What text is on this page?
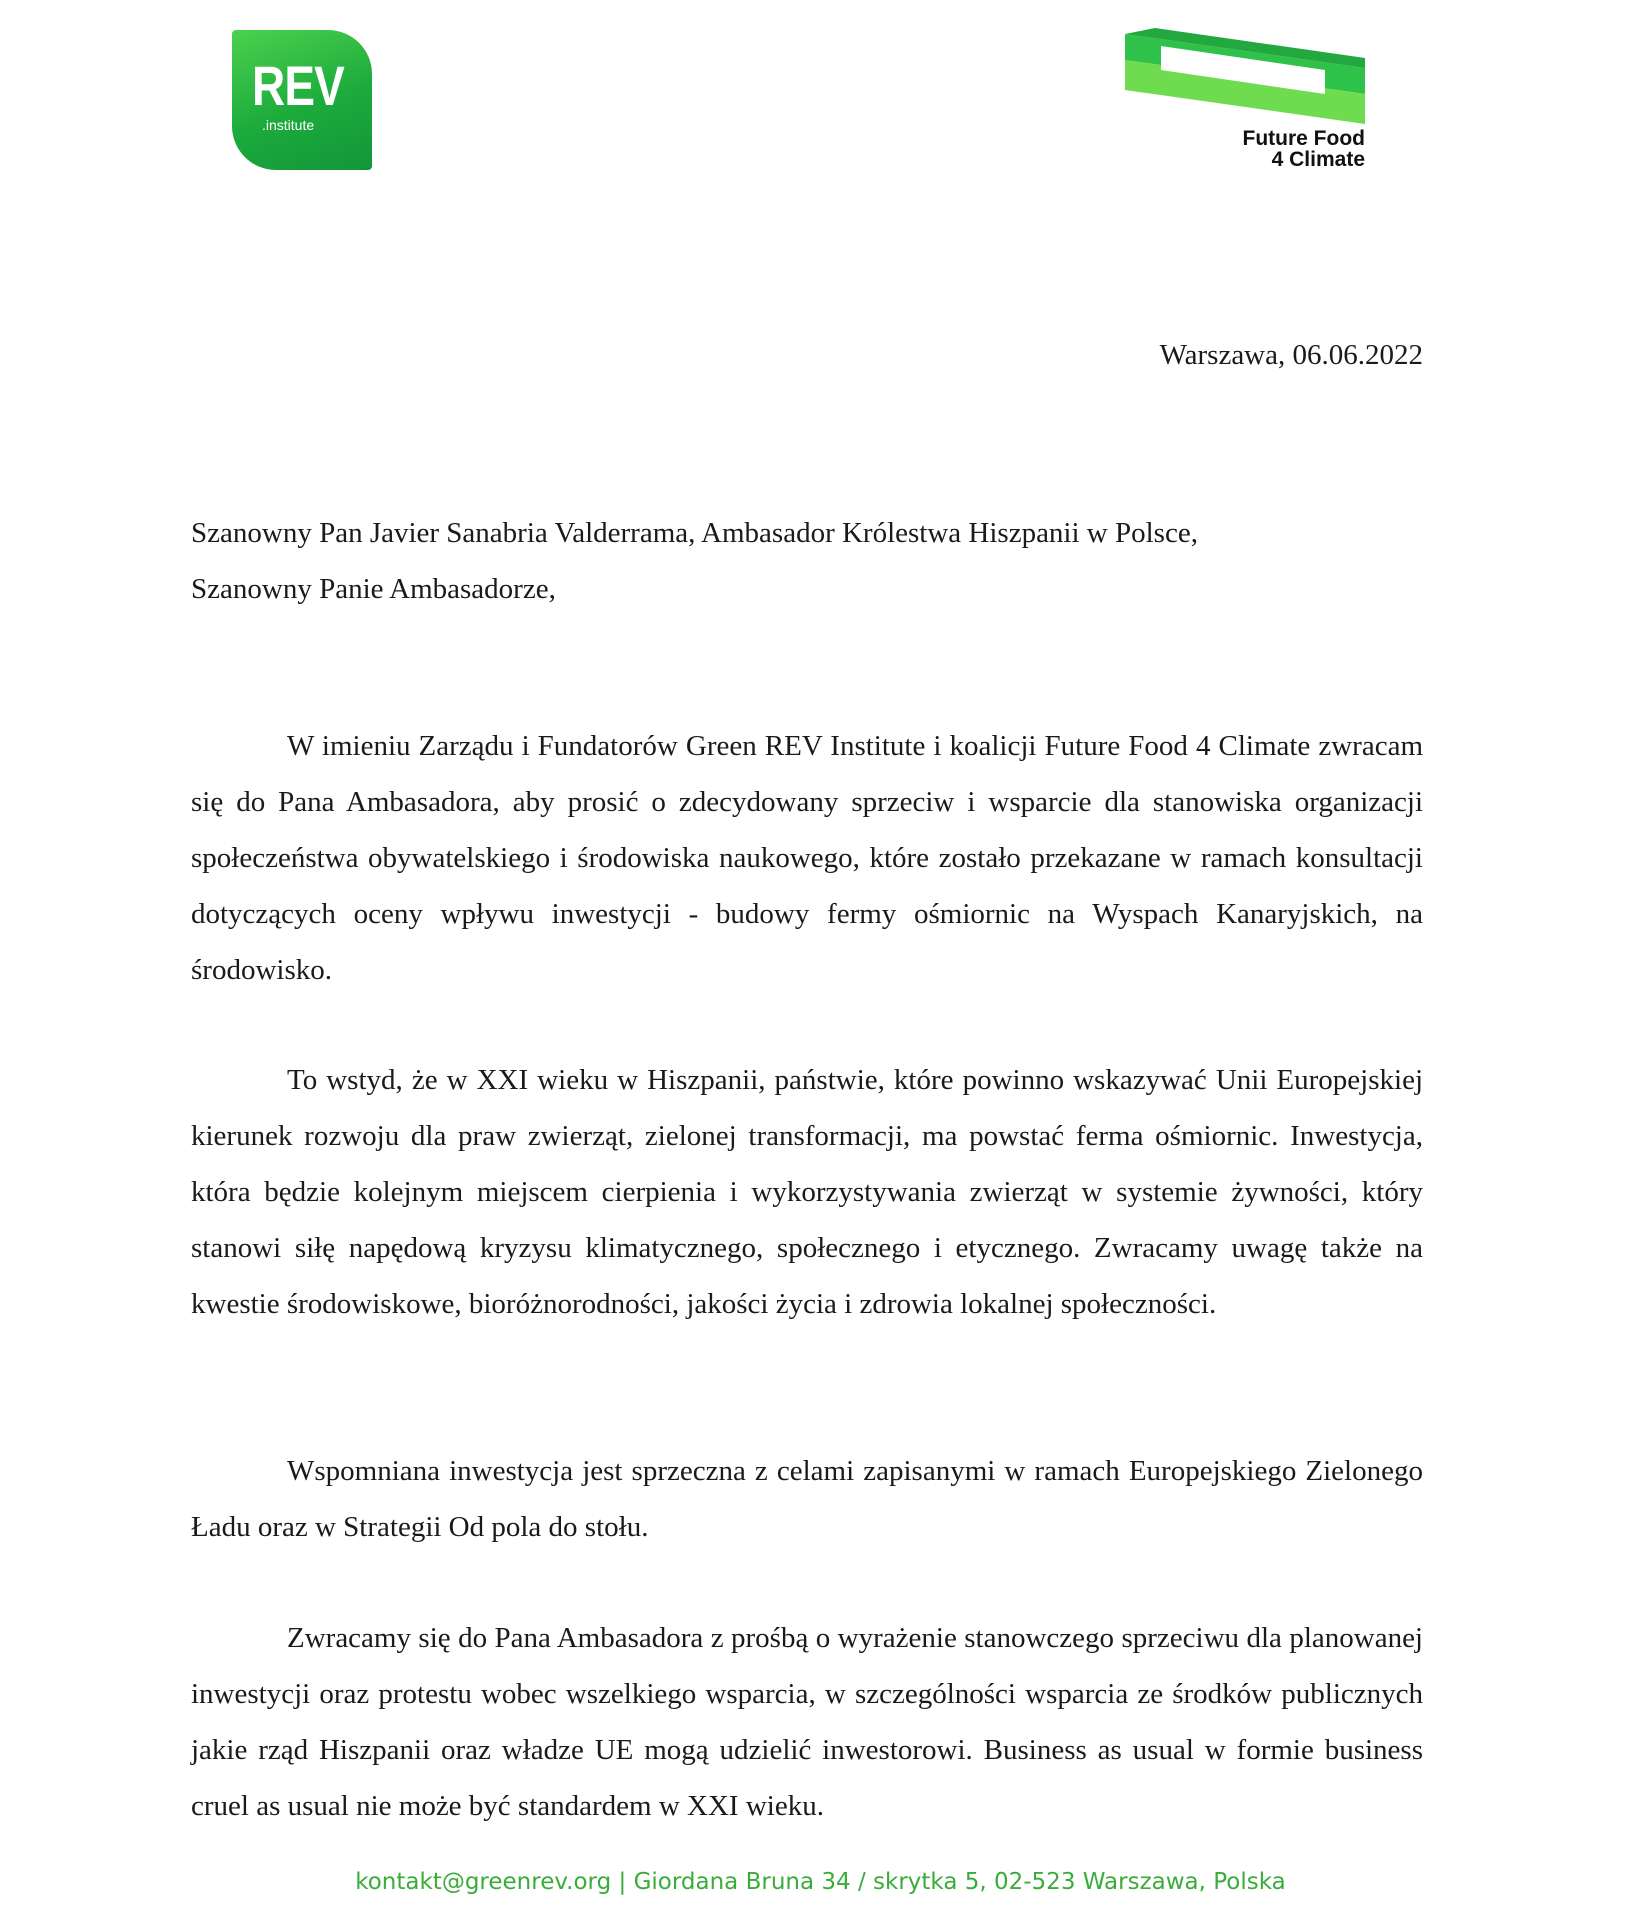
REV
.institute
Future Food
4 Climate
Warszawa, 06.06.2022
Szanowny Pan Javier Sanabria Valderrama, Ambasador Królestwa Hiszpanii w Polsce,
Szanowny Panie Ambasadorze,

W imieniu Zarządu i Fundatorów Green REV Institute i koalicji Future Food 4 Climate zwracam się do Pana Ambasadora, aby prosić o zdecydowany sprzeciw i wsparcie dla stanowiska organizacji społeczeństwa obywatelskiego i środowiska naukowego, które zostało przekazane w ramach konsultacji dotyczących oceny wpływu inwestycji - budowy fermy ośmiornic na Wyspach Kanaryjskich, na środowisko.

To wstyd, że w XXI wieku w Hiszpanii, państwie, które powinno wskazywać Unii Europejskiej kierunek rozwoju dla praw zwierząt, zielonej transformacji, ma powstać ferma ośmiornic. Inwestycja, która będzie kolejnym miejscem cierpienia i wykorzystywania zwierząt w systemie żywności, który stanowi siłę napędową kryzysu klimatycznego, społecznego i etycznego. Zwracamy uwagę także na kwestie środowiskowe, bioróżnorodności, jakości życia i zdrowia lokalnej społeczności.

Wspomniana inwestycja jest sprzeczna z celami zapisanymi w ramach Europejskiego Zielonego Ładu oraz w Strategii Od pola do stołu.

Zwracamy się do Pana Ambasadora z prośbą o wyrażenie stanowczego sprzeciwu dla planowanej inwestycji oraz protestu wobec wszelkiego wsparcia, w szczególności wsparcia ze środków publicznych jakie rząd Hiszpanii oraz władze UE mogą udzielić inwestorowi. Business as usual w formie business cruel as usual nie może być standardem w XXI wieku.

kontakt@greenrev.org | Giordana Bruna 34 / skrytka 5, 02-523 Warszawa, Polska
